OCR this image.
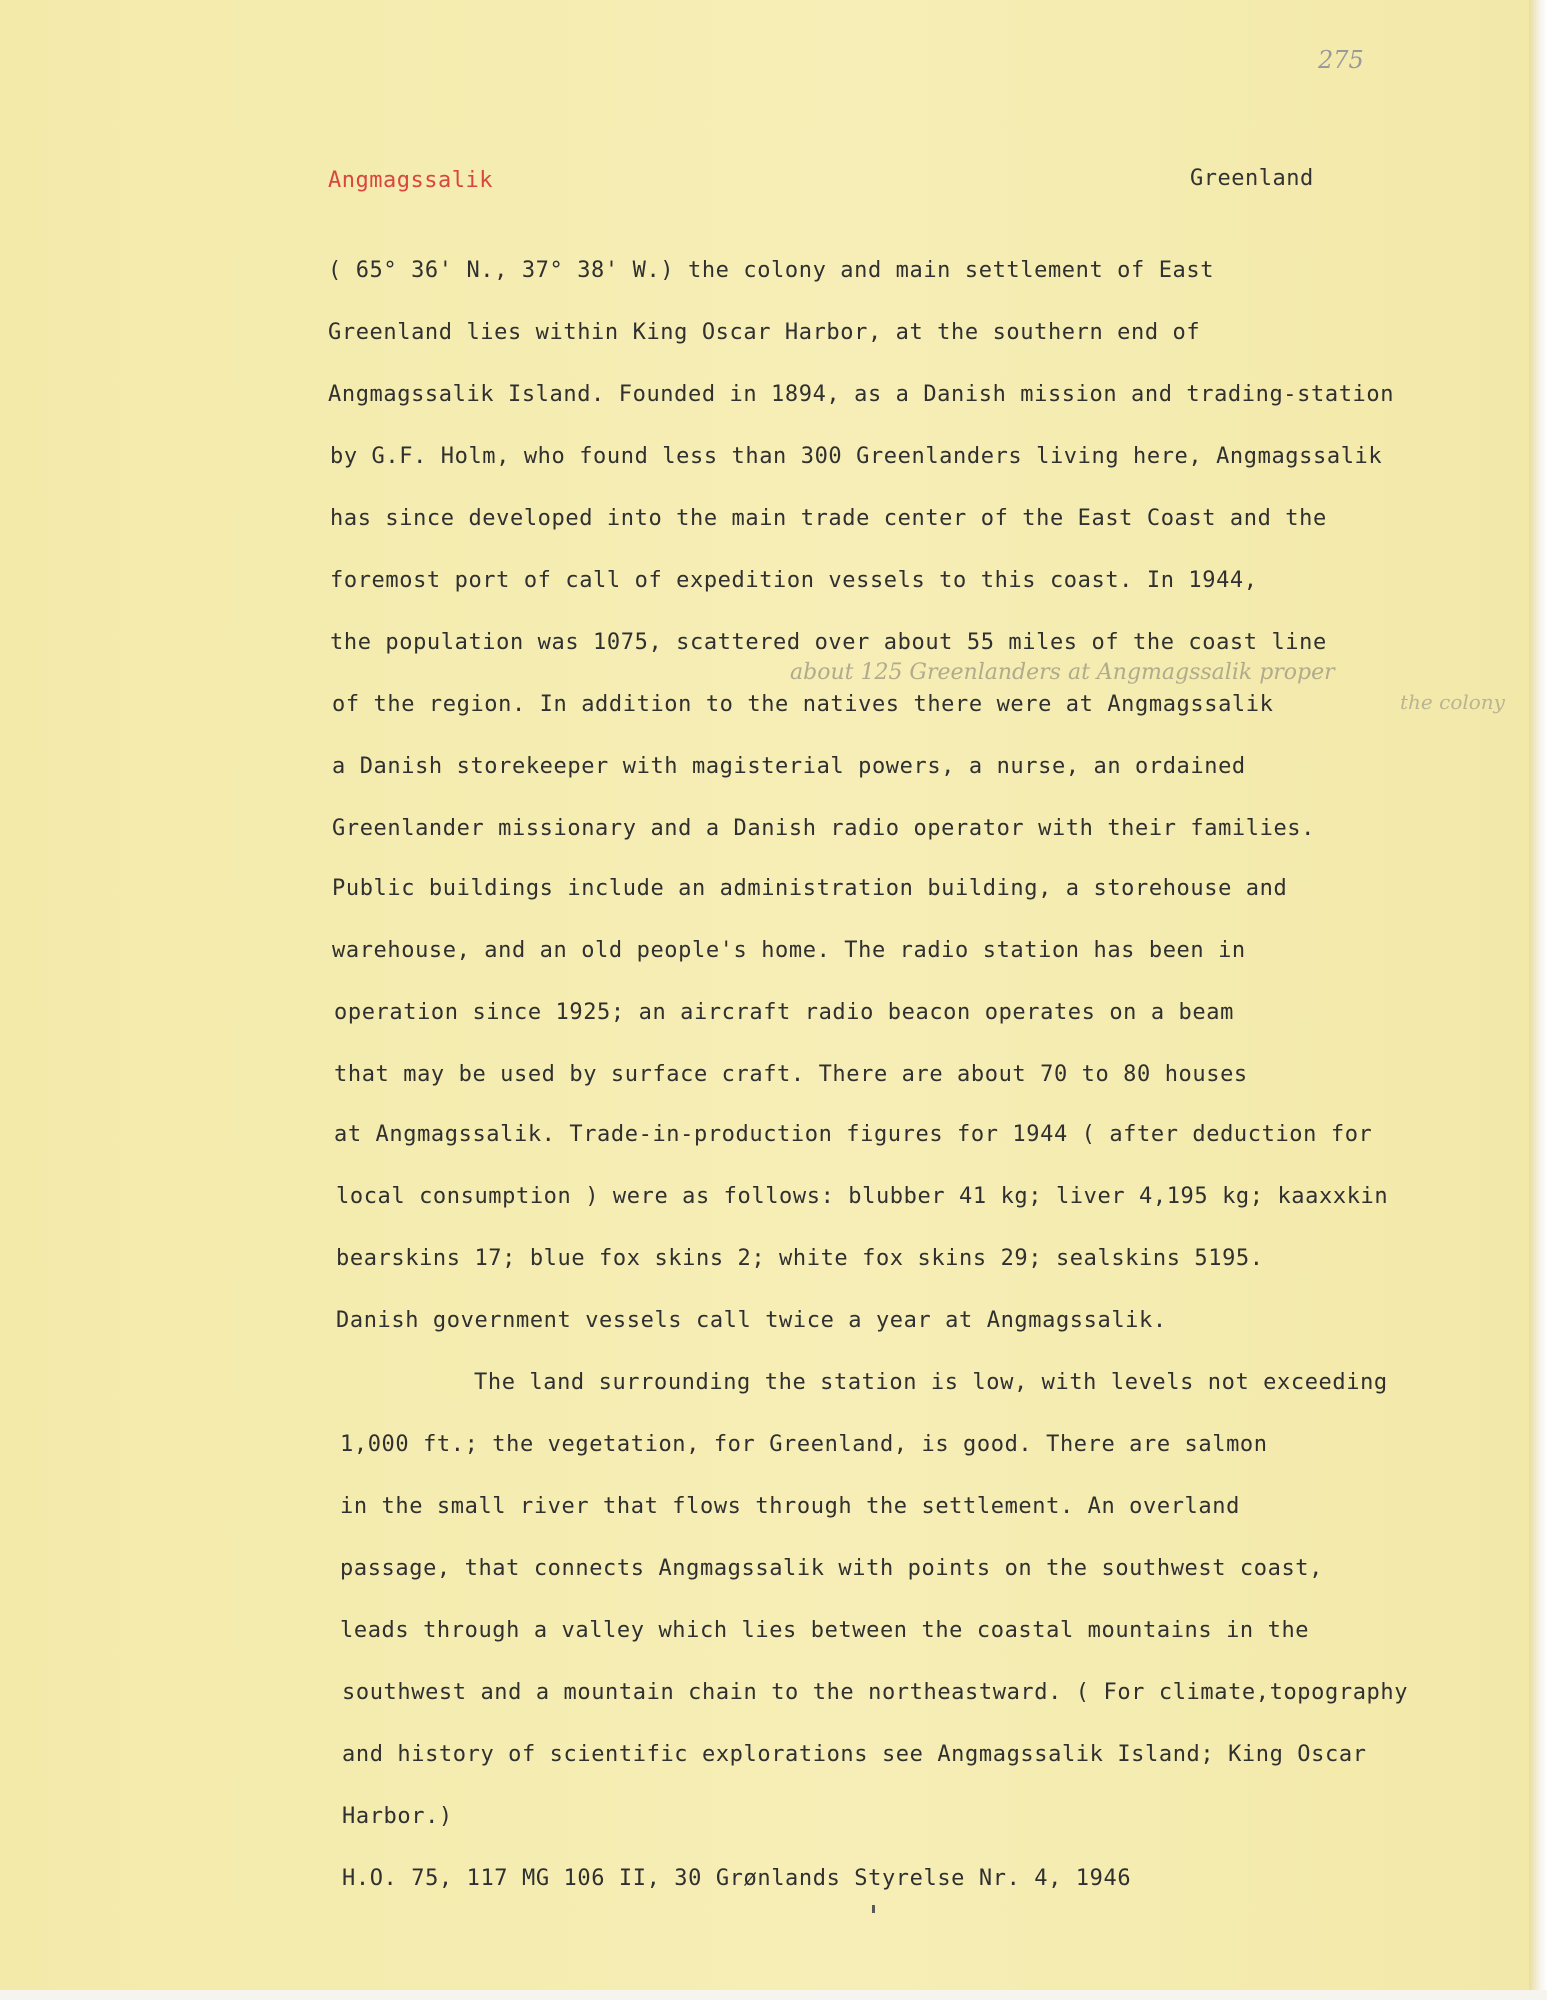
275
Angmagssalik	Greenland
about 125 Greenlanders at Angmagssalik proper
the colony
( 65° 36' N., 37° 38' W.) the colony and main settlement of East
Greenland lies within King Oscar Harbor, at the southern end of
Angmagssalik Island. Founded in 1894, as a Danish mission and trading-station
by G.F. Holm, who found less than 300 Greenlanders living here, Angmagssalik
has since developed into the main trade center of the East Coast and the
foremost port of call of expedition vessels to this coast. In 1944,
the population was 1075, scattered over about 55 miles of the coast line
of the region. In addition to the natives there were at Angmagssalik
a Danish storekeeper with magisterial powers, a nurse, an ordained
Greenlander missionary and a Danish radio operator with their families.
Public buildings include an administration building, a storehouse and
warehouse, and an old people's home. The radio station has been in
operation since 1925; an aircraft radio beacon operates on a beam
that may be used by surface craft. There are about 70 to 80 houses
at Angmagssalik. Trade-in-production figures for 1944 ( after deduction for
local consumption ) were as follows: blubber 41 kg; liver 4,195 kg; kaaxxkin
bearskins 17; blue fox skins 2; white fox skins 29; sealskins 5195.
Danish government vessels call twice a year at Angmagssalik.
The land surrounding the station is low, with levels not exceeding
1,000 ft.; the vegetation, for Greenland, is good. There are salmon
in the small river that flows through the settlement. An overland
passage, that connects Angmagssalik with points on the southwest coast,
leads through a valley which lies between the coastal mountains in the
southwest and a mountain chain to the northeastward. ( For climate,topography
and history of scientific explorations see Angmagssalik Island; King Oscar
Harbor.)
H.O. 75, 117 MG 106 II, 30 Grønlands Styrelse Nr. 4, 1946
